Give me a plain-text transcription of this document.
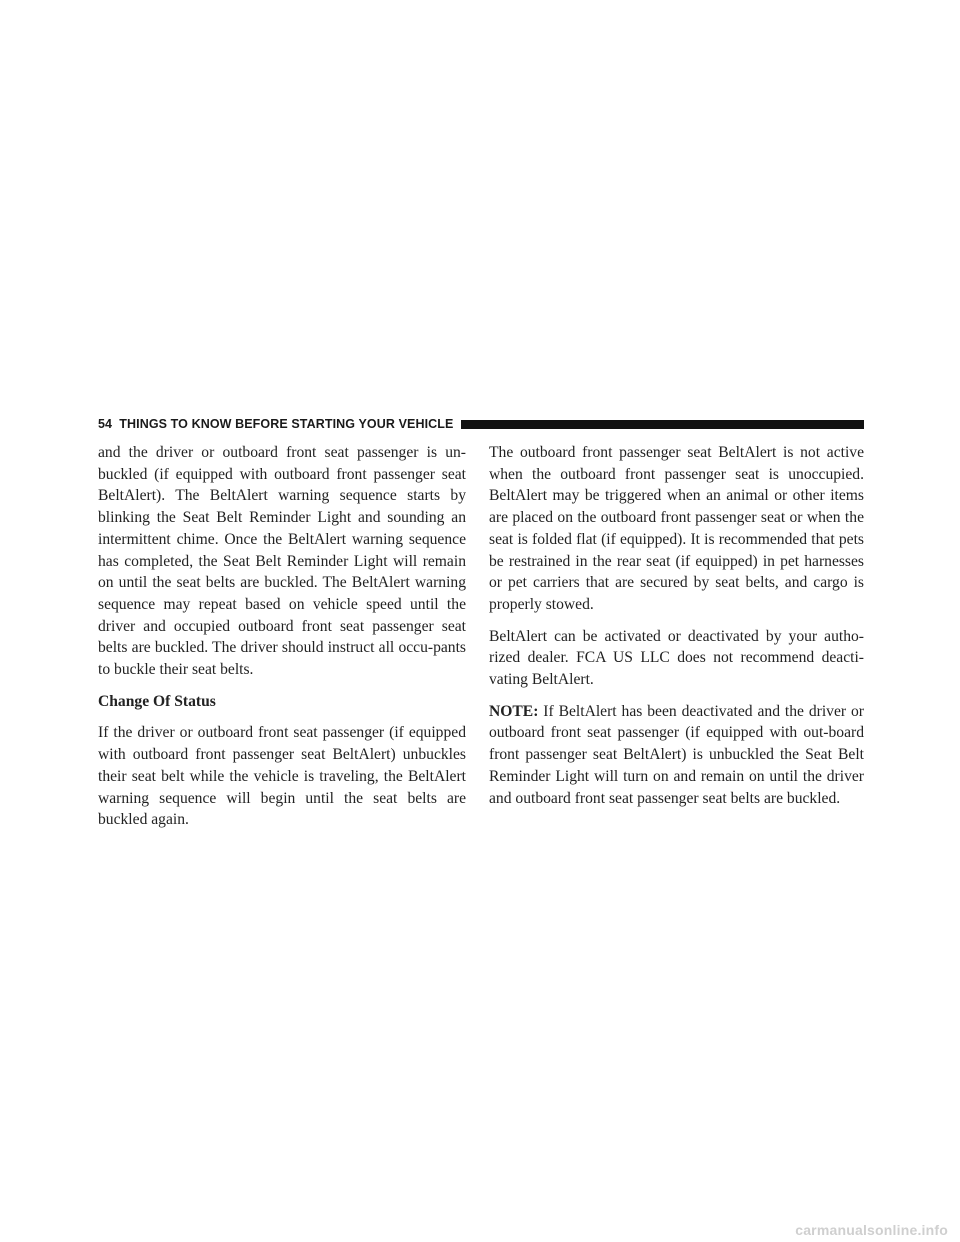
54 THINGS TO KNOW BEFORE STARTING YOUR VEHICLE

and the driver or outboard front seat passenger is un-buckled (if equipped with outboard front passenger seat BeltAlert). The BeltAlert warning sequence starts by blinking the Seat Belt Reminder Light and sounding an intermittent chime. Once the BeltAlert warning sequence has completed, the Seat Belt Reminder Light will remain on until the seat belts are buckled. The BeltAlert warning sequence may repeat based on vehicle speed until the driver and occupied outboard front seat passenger seat belts are buckled. The driver should instruct all occu-pants to buckle their seat belts.

Change Of Status

If the driver or outboard front seat passenger (if equipped with outboard front passenger seat BeltAlert) unbuckles their seat belt while the vehicle is traveling, the BeltAlert warning sequence will begin until the seat belts are buckled again.

The outboard front passenger seat BeltAlert is not active when the outboard front passenger seat is unoccupied. BeltAlert may be triggered when an animal or other items are placed on the outboard front passenger seat or when the seat is folded flat (if equipped). It is recommended that pets be restrained in the rear seat (if equipped) in pet harnesses or pet carriers that are secured by seat belts, and cargo is properly stowed.

BeltAlert can be activated or deactivated by your autho-rized dealer. FCA US LLC does not recommend deacti-vating BeltAlert.

NOTE: If BeltAlert has been deactivated and the driver or outboard front seat passenger (if equipped with out-board front passenger seat BeltAlert) is unbuckled the Seat Belt Reminder Light will turn on and remain on until the driver and outboard front seat passenger seat belts are buckled.

carmanualsonline.info
